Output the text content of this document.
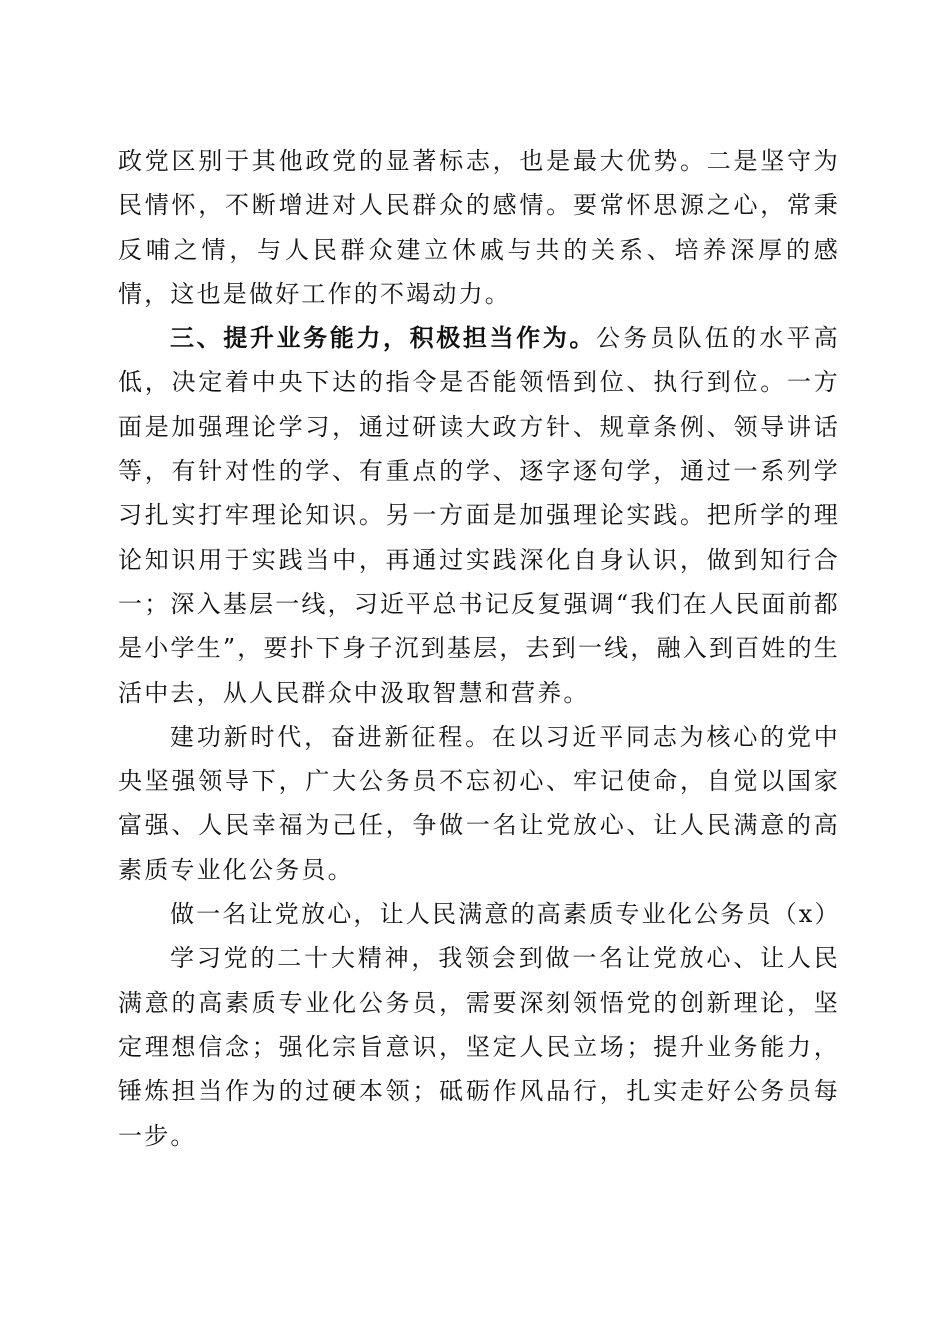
政党区别于其他政党的显著标志，也是最大优势。二是坚守为民情怀，不断增进对人民群众的感情。要常怀思源之心，常秉反哺之情，与人民群众建立休戚与共的关系、培养深厚的感情，这也是做好工作的不竭动力。

三、提升业务能力，积极担当作为。公务员队伍的水平高低，决定着中央下达的指令是否能领悟到位、执行到位。一方面是加强理论学习，通过研读大政方针、规章条例、领导讲话等，有针对性的学、有重点的学、逐字逐句学，通过一系列学习扎实打牢理论知识。另一方面是加强理论实践。把所学的理论知识用于实践当中，再通过实践深化自身认识，做到知行合一；深入基层一线，习近平总书记反复强调“我们在人民面前都是小学生”，要扑下身子沉到基层，去到一线，融入到百姓的生活中去，从人民群众中汲取智慧和营养。

建功新时代，奋进新征程。在以习近平同志为核心的党中央坚强领导下，广大公务员不忘初心、牢记使命，自觉以国家富强、人民幸福为己任，争做一名让党放心、让人民满意的高素质专业化公务员。

做一名让党放心，让人民满意的高素质专业化公务员（x）

学习党的二十大精神，我领会到做一名让党放心、让人民满意的高素质专业化公务员，需要深刻领悟党的创新理论，坚定理想信念；强化宗旨意识，坚定人民立场；提升业务能力，锤炼担当作为的过硬本领；砥砺作风品行，扎实走好公务员每一步。
